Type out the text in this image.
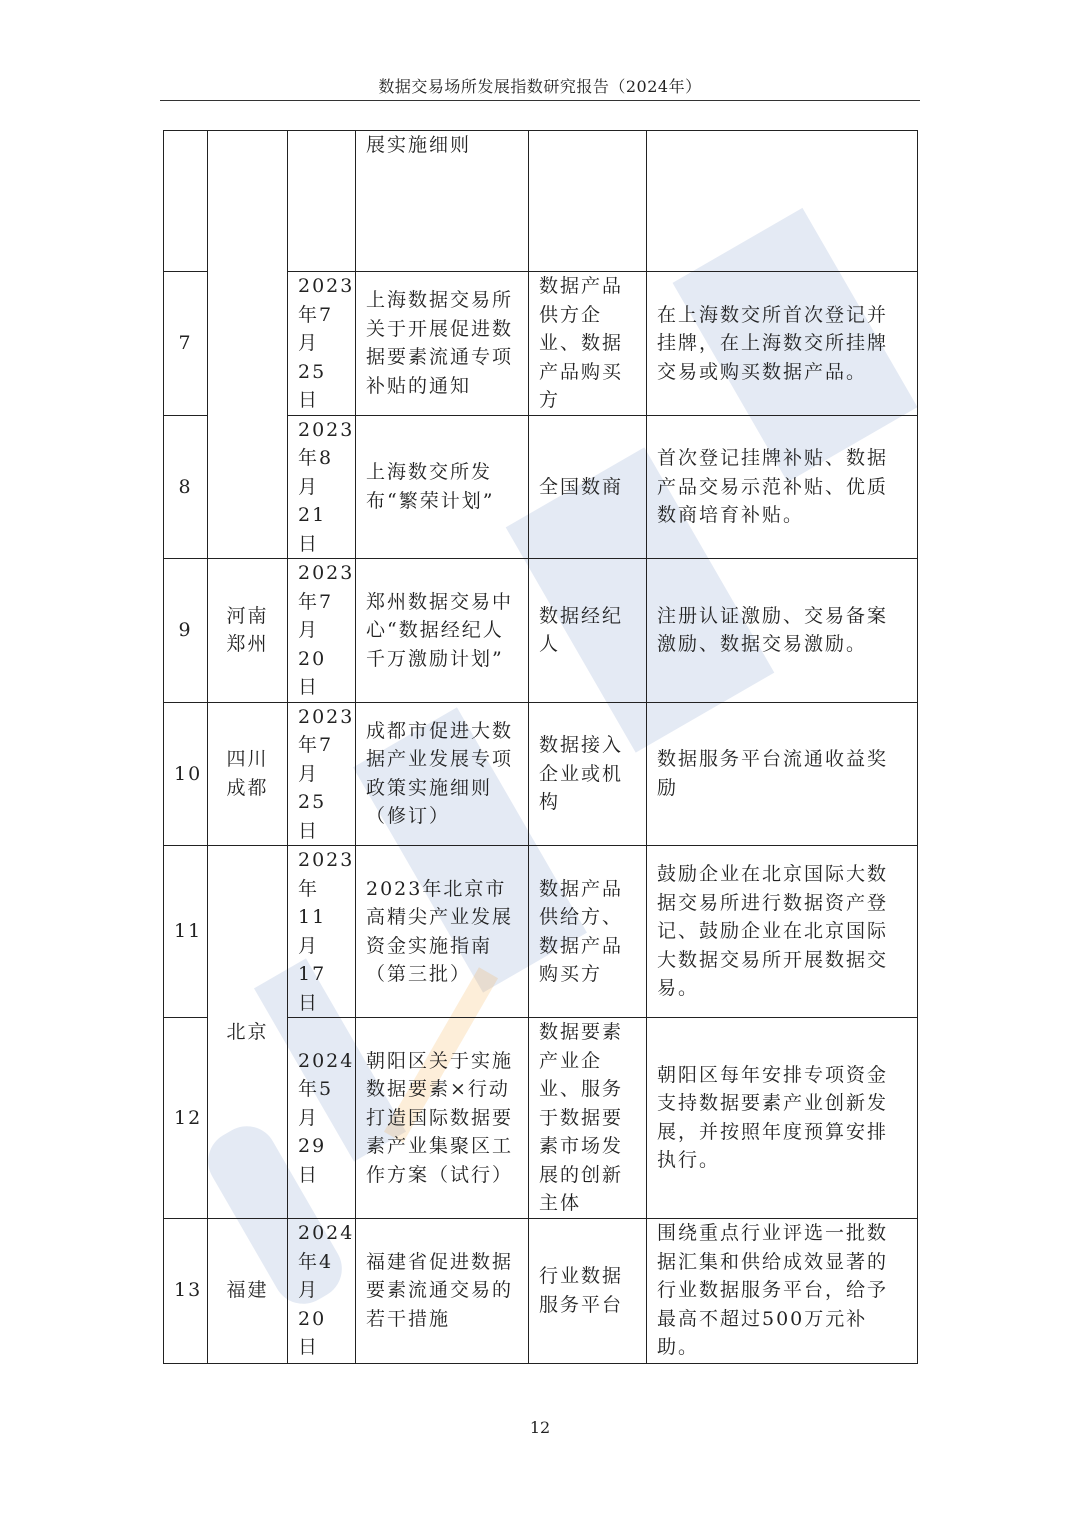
数据交易场所发展指数研究报告（2024年）
			展实施细则		
7		2023年7月25日	上海数据交易所关于开展促进数据要素流通专项补贴的通知	数据产品供方企业、数据产品购买方	在上海数交所首次登记并挂牌，在上海数交所挂牌交易或购买数据产品。
8		2023年8月21日	上海数交所发布“繁荣计划”	全国数商	首次登记挂牌补贴、数据产品交易示范补贴、优质数商培育补贴。
9	河南郑州	2023年7月20日	郑州数据交易中心“数据经纪人千万激励计划”	数据经纪人	注册认证激励、交易备案激励、数据交易激励。
10	四川成都	2023年7月25日	成都市促进大数据产业发展专项政策实施细则（修订）	数据接入企业或机构	数据服务平台流通收益奖励
11	北京	2023年11月17日	2023年北京市高精尖产业发展资金实施指南（第三批）	数据产品供给方、数据产品购买方	鼓励企业在北京国际大数据交易所进行数据资产登记、鼓励企业在北京国际大数据交易所开展数据交易。
12		2024年5月29日	朝阳区关于实施数据要素×行动打造国际数据要素产业集聚区工作方案（试行）	数据要素产业企业、服务于数据要素市场发展的创新主体	朝阳区每年安排专项资金支持数据要素产业创新发展，并按照年度预算安排执行。
13	福建	2024年4月20日	福建省促进数据要素流通交易的若干措施	行业数据服务平台	围绕重点行业评选一批数据汇集和供给成效显著的行业数据服务平台，给予最高不超过500万元补助。
12
